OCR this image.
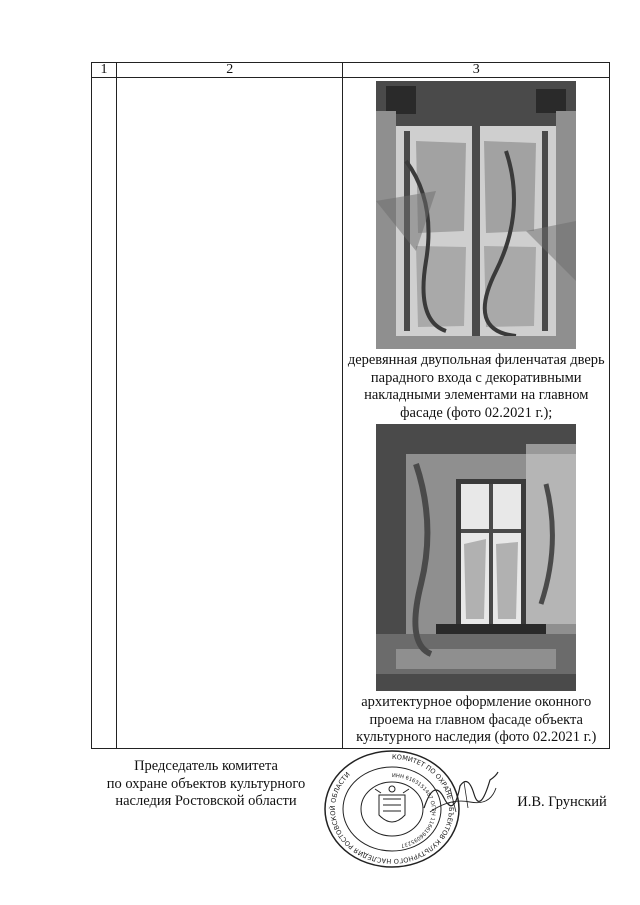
1	2	3

		деревянная двупольная филенчатая дверь парадного входа с декоративными накладными элементами на главном фасаде (фото 02.2021 г.);
архитектурное оформление оконного проема на главном фасаде объекта культурного наследия (фото 02.2021 г.)
Председатель комитета
по охране объектов культурного
наследия Ростовской области
КОМИТЕТ ПО ОХРАНЕ ОБЪЕКТОВ КУЛЬТУРНОГО НАСЛЕДИЯ РОСТОВСКОЙ ОБЛАСТИ	ИНН 6163151487 ОГРН 1166196095237
И.В. Грунский
